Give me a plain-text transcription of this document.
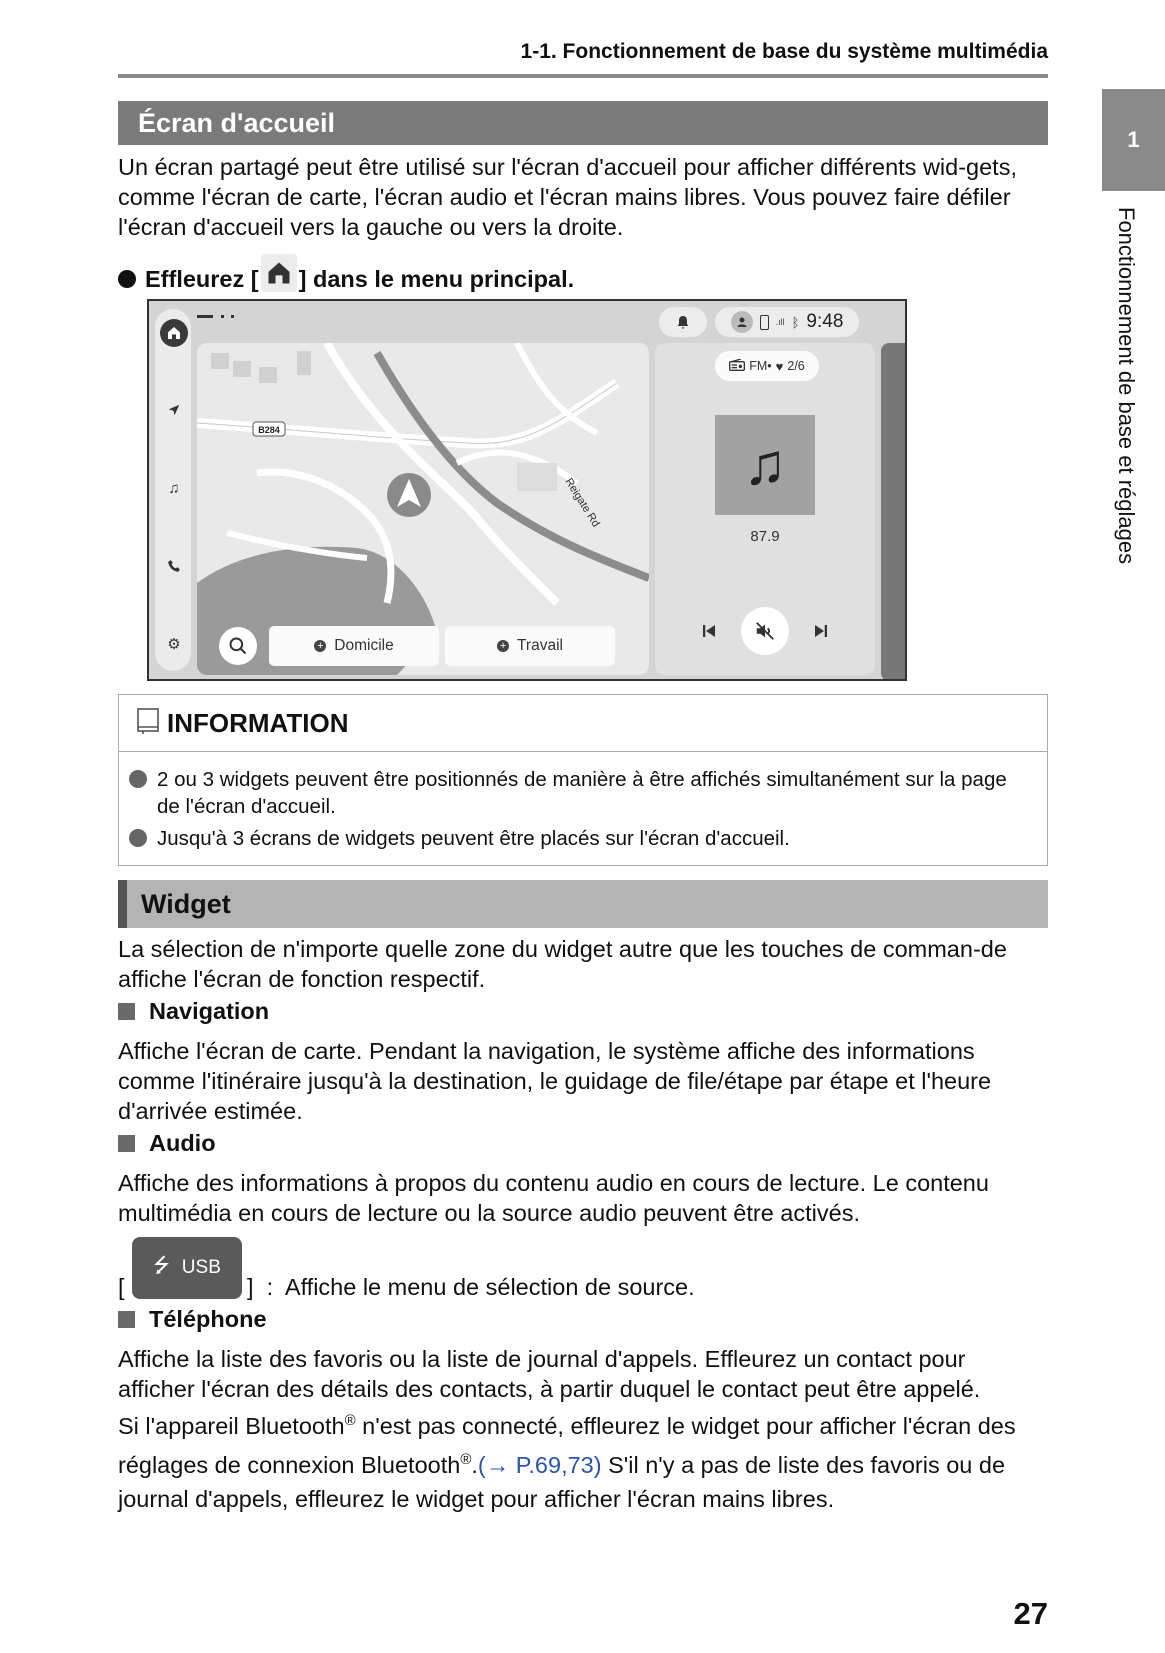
1-1. Fonctionnement de base du système multimédia
1
Fonctionnement de base et réglages
Écran d'accueil
Un écran partagé peut être utilisé sur l'écran d'accueil pour afficher différents wid-gets, comme l'écran de carte, l'écran audio et l'écran mains libres. Vous pouvez faire défiler l'écran d'accueil vers la gauche ou vers la droite.
Effleurez [ ] dans le menu principal.
♫
⚙
.ıll ᛒ 9:48
B284
Reigate Rd
+ Domicile	+ Travail
FM• ♥ 2/6
♫
87.9
INFORMATION
2 ou 3 widgets peuvent être positionnés de manière à être affichés simultanément sur la page de l'écran d'accueil.
Jusqu'à 3 écrans de widgets peuvent être placés sur l'écran d'accueil.
Widget
La sélection de n'importe quelle zone du widget autre que les touches de comman-de affiche l'écran de fonction respectif.
Navigation
Affiche l'écran de carte. Pendant la navigation, le système affiche des informations comme l'itinéraire jusqu'à la destination, le guidage de file/étape par étape et l'heure d'arrivée estimée.
Audio
Affiche des informations à propos du contenu audio en cours de lecture. Le contenu multimédia en cours de lecture ou la source audio peuvent être activés.
[
⭍ USB
]  :  Affiche le menu de sélection de source.
Téléphone
Affiche la liste des favoris ou la liste de journal d'appels. Effleurez un contact pour afficher l'écran des détails des contacts, à partir duquel le contact peut être appelé.
Si l'appareil Bluetooth® n'est pas connecté, effleurez le widget pour afficher l'écran des réglages de connexion Bluetooth®.(→ P.69,73) S'il n'y a pas de liste des favoris ou de journal d'appels, effleurez le widget pour afficher l'écran mains libres.
27
